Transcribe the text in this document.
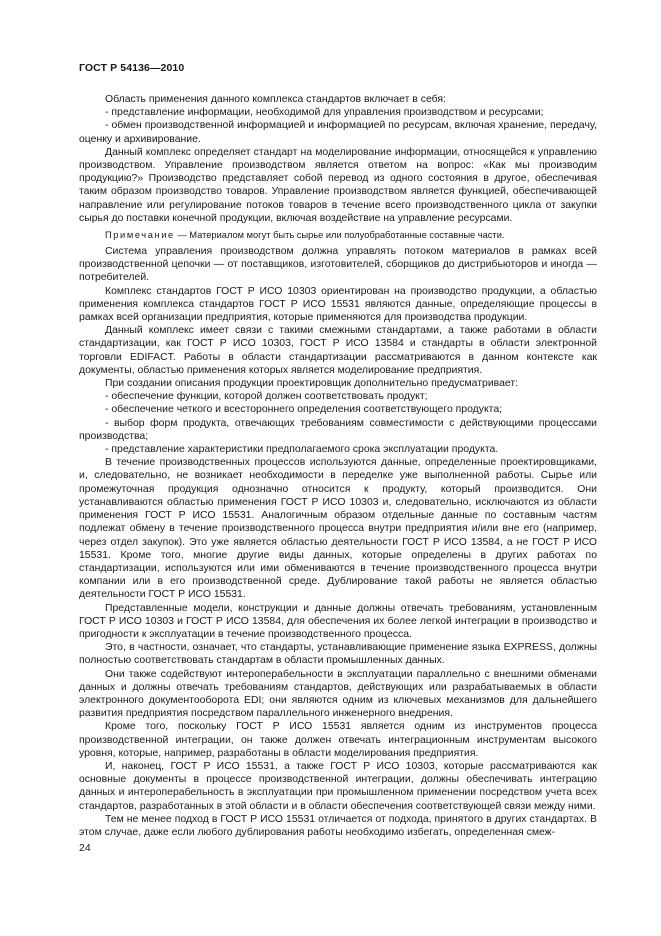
ГОСТ Р 54136—2010

Область применения данного комплекса стандартов включает в себя:

- представление информации, необходимой для управления производством и ресурсами;

- обмен производственной информацией и информацией по ресурсам, включая хранение, передачу, оценку и архивирование.

Данный комплекс определяет стандарт на моделирование информации, относящейся к управлению производством. Управление производством является ответом на вопрос: «Как мы производим продукцию?» Производство представляет собой перевод из одного состояния в другое, обеспечивая таким образом производство товаров. Управление производством является функцией, обеспечивающей направление или регулирование потоков товаров в течение всего производственного цикла от закупки сырья до поставки конечной продукции, включая воздействие на управление ресурсами.

Примечание — Материалом могут быть сырье или полуобработанные составные части.

Система управления производством должна управлять потоком материалов в рамках всей производственной цепочки — от поставщиков, изготовителей, сборщиков до дистрибьюторов и иногда — потребителей.

Комплекс стандартов ГОСТ Р ИСО 10303 ориентирован на производство продукции, а областью применения комплекса стандартов ГОСТ Р ИСО 15531 являются данные, определяющие процессы в рамках всей организации предприятия, которые применяются для производства продукции.

Данный комплекс имеет связи с такими смежными стандартами, а также работами в области стандартизации, как ГОСТ Р ИСО 10303, ГОСТ Р ИСО 13584 и стандарты в области электронной торговли EDIFACT. Работы в области стандартизации рассматриваются в данном контексте как документы, областью применения которых является моделирование предприятия.

При создании описания продукции проектировщик дополнительно предусматривает:

- обеспечение функции, которой должен соответствовать продукт;

- обеспечение четкого и всестороннего определения соответствующего продукта;

- выбор форм продукта, отвечающих требованиям совместимости с действующими процессами производства;

- представление характеристики предполагаемого срока эксплуатации продукта.

В течение производственных процессов используются данные, определенные проектировщиками, и, следовательно, не возникает необходимости в переделке уже выполненной работы. Сырье или промежуточная продукция однозначно относится к продукту, который производится. Они устанавливаются областью применения ГОСТ Р ИСО 10303 и, следовательно, исключаются из области применения ГОСТ Р ИСО 15531. Аналогичным образом отдельные данные по составным частям подлежат обмену в течение производственного процесса внутри предприятия и/или вне его (например, через отдел закупок). Это уже является областью деятельности ГОСТ Р ИСО 13584, а не ГОСТ Р ИСО 15531. Кроме того, многие другие виды данных, которые определены в других работах по стандартизации, используются или ими обмениваются в течение производственного процесса внутри компании или в его производственной среде. Дублирование такой работы не является областью деятельности ГОСТ Р ИСО 15531.

Представленные модели, конструкции и данные должны отвечать требованиям, установленным ГОСТ Р ИСО 10303 и ГОСТ Р ИСО 13584, для обеспечения их более легкой интеграции в производство и пригодности к эксплуатации в течение производственного процесса.

Это, в частности, означает, что стандарты, устанавливающие применение языка EXPRESS, должны полностью соответствовать стандартам в области промышленных данных.

Они также содействуют интероперабельности в эксплуатации параллельно с внешними обменами данных и должны отвечать требованиям стандартов, действующих или разрабатываемых в области электронного документооборота EDI; они являются одним из ключевых механизмов для дальнейшего развития предприятия посредством параллельного инженерного внедрения.

Кроме того, поскольку ГОСТ Р ИСО 15531 является одним из инструментов процесса производственной интеграции, он также должен отвечать интеграционным инструментам высокого уровня, которые, например, разработаны в области моделирования предприятия.

И, наконец, ГОСТ Р ИСО 15531, а также ГОСТ Р ИСО 10303, которые рассматриваются как основные документы в процессе производственной интеграции, должны обеспечивать интеграцию данных и интероперабельность в эксплуатации при промышленном применении посредством учета всех стандартов, разработанных в этой области и в области обеспечения соответствующей связи между ними.

Тем не менее подход в ГОСТ Р ИСО 15531 отличается от подхода, принятого в других стандартах. В этом случае, даже если любого дублирования работы необходимо избегать, определенная смеж-

24
